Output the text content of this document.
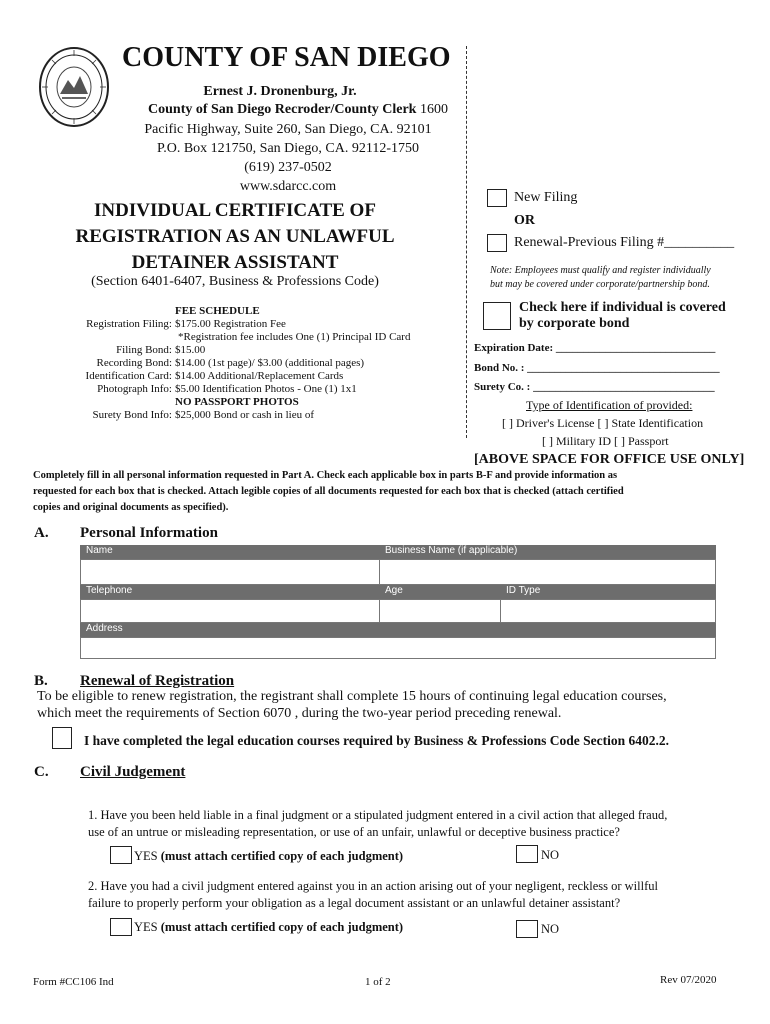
COUNTY OF SAN DIEGO
Ernest J. Dronenburg, Jr.
County of San Diego Recroder/County Clerk 1600
Pacific Highway, Suite 260, San Diego, CA. 92101
P.O. Box 121750, San Diego, CA. 92112-1750
(619) 237-0502
www.sdarcc.com
INDIVIDUAL CERTIFICATE OF
REGISTRATION AS AN UNLAWFUL
DETAINER ASSISTANT
(Section 6401-6407, Business & Professions Code)
FEE SCHEDULE
Registration Filing: $175.00 Registration Fee
*Registration fee includes One (1) Principal ID Card
Filing Bond: $15.00
Recording Bond: $14.00 (1st page)/ $3.00 (additional pages)
Identification Card: $14.00 Additional/Replacement Cards
Photograph Info: $5.00 Identification Photos - One (1) 1x1
NO PASSPORT PHOTOS
Surety Bond Info: $25,000 Bond or cash in lieu of
New Filing
OR
Renewal-Previous Filing #__________
Note: Employees must qualify and register individually
but may be covered under corporate/partnership bond.
Check here if individual is covered
by corporate bond
Expiration Date: _____________________________
Bond No. : ___________________________________
Surety Co. : _________________________________
Type of Identification of provided:
[ ] Driver's License [ ] State Identification
[ ] Military ID [ ] Passport
[ABOVE SPACE FOR OFFICE USE ONLY]
Completely fill in all personal information requested in Part A. Check each applicable box in parts B-F and provide information as
requested for each box that is checked. Attach legible copies of all documents requested for each box that is checked (attach certified
copies and original documents as specified).
A. Personal Information
Name	Business Name (if applicable)
Telephone	Age	ID Type
Address
B. Renewal of Registration
To be eligible to renew registration, the registrant shall complete 15 hours of continuing legal education courses,
which meet the requirements of Section 6070 , during the two-year period preceding renewal.
I have completed the legal education courses required by Business & Professions Code Section 6402.2.
C. Civil Judgement
1. Have you been held liable in a final judgment or a stipulated judgment entered in a civil action that alleged fraud,
use of an untrue or misleading representation, or use of an unfair, unlawful or deceptive business practice?
YES (must attach certified copy of each judgment)	NO
2. Have you had a civil judgment entered against you in an action arising out of your negligent, reckless or willful
failure to properly perform your obligation as a legal document assistant or an unlawful detainer assistant?
YES (must attach certified copy of each judgment)	NO
Form #CC106 Ind	1 of 2	Rev 07/2020
